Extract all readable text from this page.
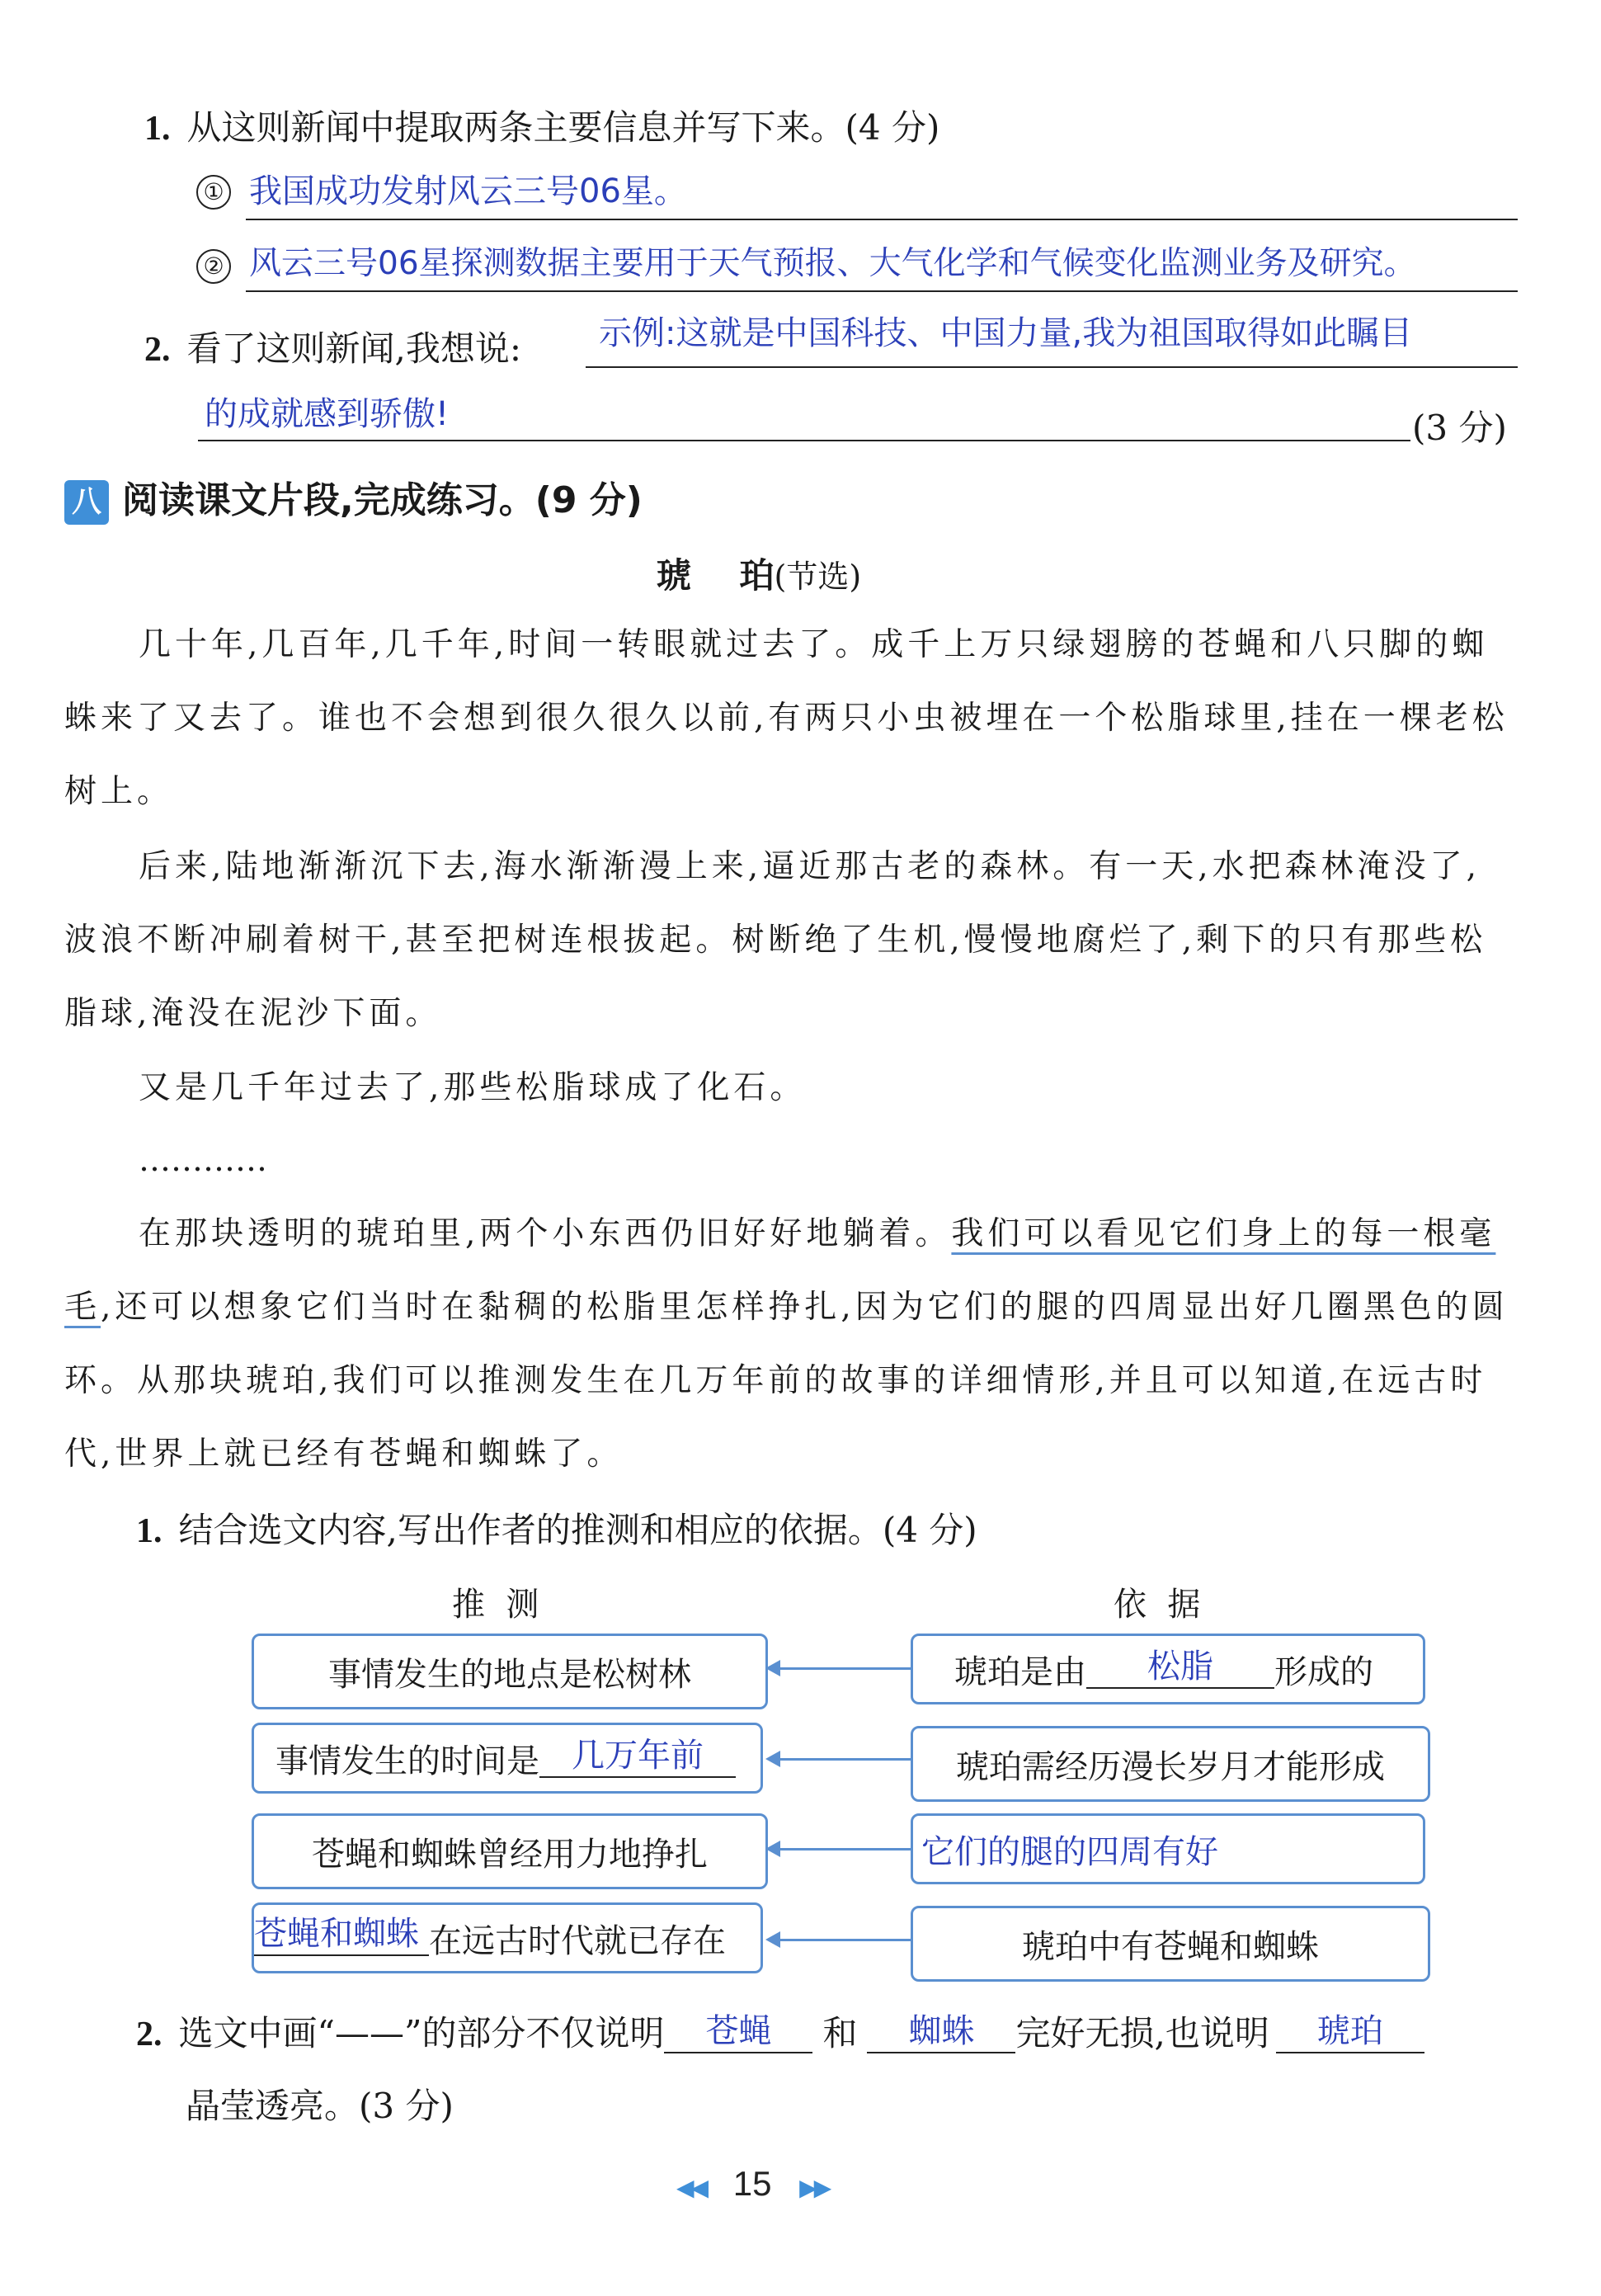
1. 从这则新闻中提取两条主要信息并写下来。(4 分)
① 我国成功发射风云三号06星。
② 风云三号06星探测数据主要用于天气预报、大气化学和气候变化监测业务及研究。
2. 看了这则新闻,我想说: 示例:这就是中国科技、中国力量,我为祖国取得如此瞩目
的成就感到骄傲!	(3 分)
八 阅读课文片段,完成练习。(9 分)
琥    珀(节选)
几十年,几百年,几千年,时间一转眼就过去了。成千上万只绿翅膀的苍蝇和八只脚的蜘蛛来了又去了。谁也不会想到很久很久以前,有两只小虫被埋在一个松脂球里,挂在一棵老松树上。
后来,陆地渐渐沉下去,海水渐渐漫上来,逼近那古老的森林。有一天,水把森林淹没了,波浪不断冲刷着树干,甚至把树连根拔起。树断绝了生机,慢慢地腐烂了,剩下的只有那些松脂球,淹没在泥沙下面。
又是几千年过去了,那些松脂球成了化石。
…………
在那块透明的琥珀里,两个小东西仍旧好好地躺着。我们可以看见它们身上的每一根毫毛,还可以想象它们当时在黏稠的松脂里怎样挣扎,因为它们的腿的四周显出好几圈黑色的圆环。从那块琥珀,我们可以推测发生在几万年前的故事的详细情形,并且可以知道,在远古时代,世界上就已经有苍蝇和蜘蛛了。
1. 结合选文内容,写出作者的推测和相应的依据。(4 分)
推  测	依  据
事情发生的地点是松树林	琥珀是由	松脂	形成的
事情发生的时间是 几万年前	琥珀需经历漫长岁月才能形成
苍蝇和蜘蛛曾经用力地挣扎	它们的腿的四周有好
苍蝇和蜘蛛 在远古时代就已存在	琥珀中有苍蝇和蜘蛛
2. 选文中画“——”的部分不仅说明 苍蝇 和 蜘蛛 完好无损,也说明 琥珀
晶莹透亮。(3 分)
◀◀ 15 ▶▶
